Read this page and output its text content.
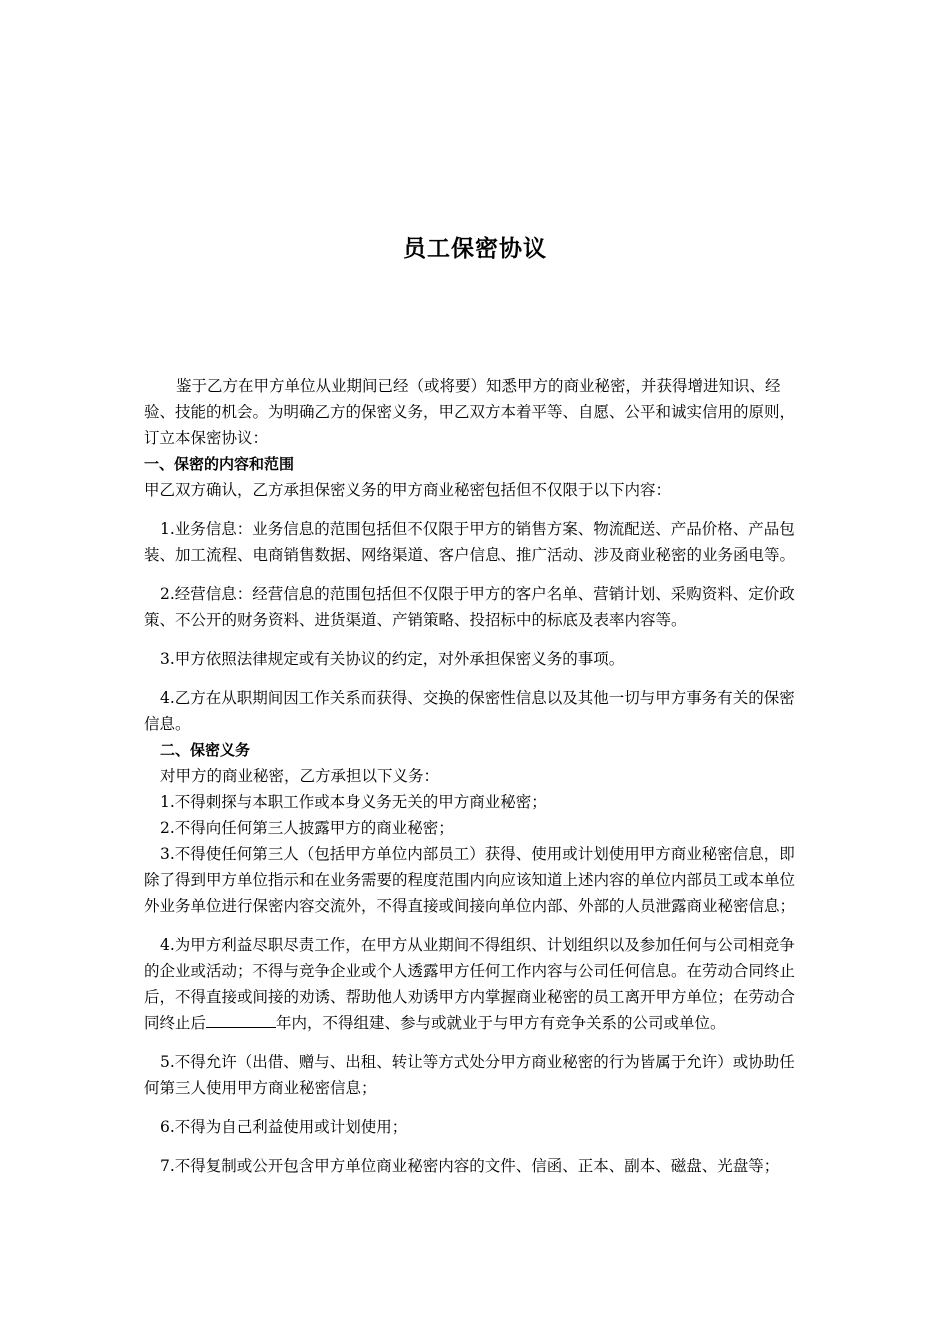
员工保密协议

鉴于乙方在甲方单位从业期间已经（或将要）知悉甲方的商业秘密，并获得增进知识、经验、技能的机会。为明确乙方的保密义务，甲乙双方本着平等、自愿、公平和诚实信用的原则，订立本保密协议：

一、保密的内容和范围

甲乙双方确认，乙方承担保密义务的甲方商业秘密包括但不仅限于以下内容：

1.业务信息：业务信息的范围包括但不仅限于甲方的销售方案、物流配送、产品价格、产品包装、加工流程、电商销售数据、网络渠道、客户信息、推广活动、涉及商业秘密的业务函电等。

2.经营信息：经营信息的范围包括但不仅限于甲方的客户名单、营销计划、采购资料、定价政策、不公开的财务资料、进货渠道、产销策略、投招标中的标底及表率内容等。

3.甲方依照法律规定或有关协议的约定，对外承担保密义务的事项。

4.乙方在从职期间因工作关系而获得、交换的保密性信息以及其他一切与甲方事务有关的保密信息。

二、保密义务

对甲方的商业秘密，乙方承担以下义务：

1.不得刺探与本职工作或本身义务无关的甲方商业秘密；

2.不得向任何第三人披露甲方的商业秘密；

3.不得使任何第三人（包括甲方单位内部员工）获得、使用或计划使用甲方商业秘密信息，即除了得到甲方单位指示和在业务需要的程度范围内向应该知道上述内容的单位内部员工或本单位外业务单位进行保密内容交流外，不得直接或间接向单位内部、外部的人员泄露商业秘密信息；

4.为甲方利益尽职尽责工作，在甲方从业期间不得组织、计划组织以及参加任何与公司相竞争的企业或活动；不得与竞争企业或个人透露甲方任何工作内容与公司任何信息。在劳动合同终止后，不得直接或间接的劝诱、帮助他人劝诱甲方内掌握商业秘密的员工离开甲方单位；在劳动合同终止后	年内，不得组建、参与或就业于与甲方有竞争关系的公司或单位。

5.不得允许（出借、赠与、出租、转让等方式处分甲方商业秘密的行为皆属于允许）或协助任何第三人使用甲方商业秘密信息；

6.不得为自己利益使用或计划使用；

7.不得复制或公开包含甲方单位商业秘密内容的文件、信函、正本、副本、磁盘、光盘等；
